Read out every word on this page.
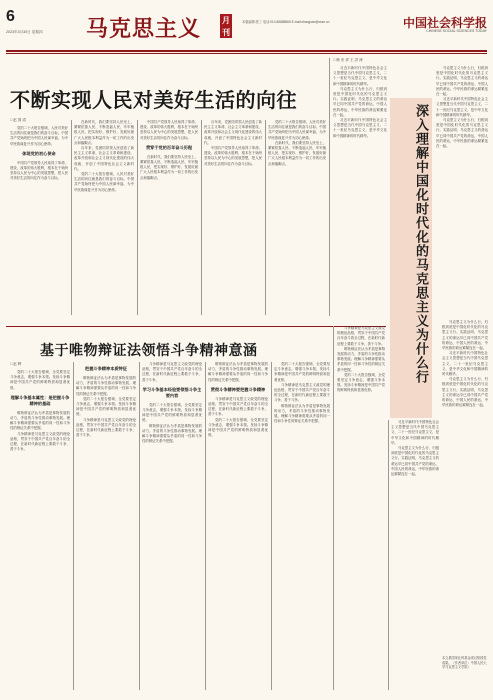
6
2023年3月30日 星期四	马克思主义	月刊
本版编辑:张三 电话:010-85885865 E-mail:zhangsan@cssn.cn	中国社会科学报
CHINESE SOCIAL SCIENCES TODAY
不断实现人民对美好生活的向往
□ 赵 国 清

党的二十大报告强调，人民对美好生活的向往就是我们的奋斗目标。中国共产党始终把为中国人民谋幸福、为中华民族谋复兴作为初心使命。

体现党的初心使命

中国共产党领导人民取得了革命、建设、改革的伟大胜利，根本在于始终坚持以人民为中心的发展思想，把人民对美好生活的向往作为奋斗目标。

在新时代，我们要坚持人民至上，紧紧依靠人民、不断造福人民、牢牢植根人民，把实现好、维护好、发展好最广大人民根本利益作为一切工作的出发点和落脚点。

百年来，党团结带领人民创造了新民主主义革命、社会主义革命和建设、改革开放和社会主义现代化建设的伟大成就，开创了中国特色社会主义新时代。

党的二十大报告强调，人民对美好生活的向往就是我们的奋斗目标。中国共产党始终把为中国人民谋幸福、为中华民族谋复兴作为初心使命。

中国共产党领导人民取得了革命、建设、改革的伟大胜利，根本在于始终坚持以人民为中心的发展思想，把人民对美好生活的向往作为奋斗目标。

贯穿于党的百年奋斗历程

在新时代，我们要坚持人民至上，紧紧依靠人民、不断造福人民、牢牢植根人民，把实现好、维护好、发展好最广大人民根本利益作为一切工作的出发点和落脚点。

百年来，党团结带领人民创造了新民主主义革命、社会主义革命和建设、改革开放和社会主义现代化建设的伟大成就，开创了中国特色社会主义新时代。

中国共产党领导人民取得了革命、建设、改革的伟大胜利，根本在于始终坚持以人民为中心的发展思想，把人民对美好生活的向往作为奋斗目标。

党的二十大报告强调，人民对美好生活的向往就是我们的奋斗目标。中国共产党始终把为中国人民谋幸福、为中华民族谋复兴作为初心使命。

在新时代，我们要坚持人民至上，紧紧依靠人民、不断造福人民、牢牢植根人民，把实现好、维护好、发展好最广大人民根本利益作为一切工作的出发点和落脚点。

□ 韩 庆 祥 王 洪 涛

习近平新时代中国特色社会主义思想是当代中国马克思主义、二十一世纪马克思主义，是中华文化和中国精神的时代精华。

马克思主义为什么行，归根到底是中国化时代化的马克思主义行。实践证明，马克思主义的命运早已同中国共产党的命运、中国人民的命运、中华民族的命运紧紧连在一起。

习近平新时代中国特色社会主义思想是当代中国马克思主义、二十一世纪马克思主义，是中华文化和中国精神的时代精华。	深入理解中国化时代化的马克思主义为什么行

马克思主义为什么行，归根到底是中国化时代化的马克思主义行。实践证明，马克思主义的命运早已同中国共产党的命运、中国人民的命运、中华民族的命运紧紧连在一起。

习近平新时代中国特色社会主义思想是当代中国马克思主义、二十一世纪马克思主义，是中华文化和中国精神的时代精华。

马克思主义为什么行，归根到底是中国化时代化的马克思主义行。实践证明，马克思主义的命运早已同中国共产党的命运、中国人民的命运、中华民族的命运紧紧连在一起。

基于唯物辩证法领悟斗争精神意涵
□ 赵 辉

党的二十大报告强调，全党要坚定斗争意志，增强斗争本领。发扬斗争精神是中国共产党的鲜明特质和显著优势。

理解斗争基本属性：是把握斗争精神的基础

唯物辩证法认为矛盾是事物发展的动力，矛盾的斗争性推动事物发展。理解斗争精神需要从矛盾的同一性和斗争性的辩证关系中把握。

斗争精神是马克思主义政党的理论品格，贯穿于中国共产党百年奋斗的全过程，在新时代新征程上要敢于斗争、善于斗争。

把握斗争精神本质特征

唯物辩证法认为矛盾是事物发展的动力，矛盾的斗争性推动事物发展。理解斗争精神需要从矛盾的同一性和斗争性的辩证关系中把握。

党的二十大报告强调，全党要坚定斗争意志，增强斗争本领。发扬斗争精神是中国共产党的鲜明特质和显著优势。

斗争精神是马克思主义政党的理论品格，贯穿于中国共产党百年奋斗的全过程，在新时代新征程上要敢于斗争、善于斗争。

斗争精神是马克思主义政党的理论品格，贯穿于中国共产党百年奋斗的全过程，在新时代新征程上要敢于斗争、善于斗争。

学习斗争基本经验要领悟斗争主要内容

党的二十大报告强调，全党要坚定斗争意志，增强斗争本领。发扬斗争精神是中国共产党的鲜明特质和显著优势。

唯物辩证法认为矛盾是事物发展的动力，矛盾的斗争性推动事物发展。理解斗争精神需要从矛盾的同一性和斗争性的辩证关系中把握。

唯物辩证法认为矛盾是事物发展的动力，矛盾的斗争性推动事物发展。理解斗争精神需要从矛盾的同一性和斗争性的辩证关系中把握。

贯彻斗争精神要把握斗争精神

斗争精神是马克思主义政党的理论品格，贯穿于中国共产党百年奋斗的全过程，在新时代新征程上要敢于斗争、善于斗争。

党的二十大报告强调，全党要坚定斗争意志，增强斗争本领。发扬斗争精神是中国共产党的鲜明特质和显著优势。

党的二十大报告强调，全党要坚定斗争意志，增强斗争本领。发扬斗争精神是中国共产党的鲜明特质和显著优势。

斗争精神是马克思主义政党的理论品格，贯穿于中国共产党百年奋斗的全过程，在新时代新征程上要敢于斗争、善于斗争。

唯物辩证法认为矛盾是事物发展的动力，矛盾的斗争性推动事物发展。理解斗争精神需要从矛盾的同一性和斗争性的辩证关系中把握。

斗争精神是马克思主义政党的理论品格，贯穿于中国共产党百年奋斗的全过程，在新时代新征程上要敢于斗争、善于斗争。

唯物辩证法认为矛盾是事物发展的动力，矛盾的斗争性推动事物发展。理解斗争精神需要从矛盾的同一性和斗争性的辩证关系中把握。

党的二十大报告强调，全党要坚定斗争意志，增强斗争本领。发扬斗争精神是中国共产党的鲜明特质和显著优势。

习近平新时代中国特色社会主义思想是当代中国马克思主义、二十一世纪马克思主义，是中华文化和中国精神的时代精华。

马克思主义为什么行，归根到底是中国化时代化的马克思主义行。实践证明，马克思主义的命运早已同中国共产党的命运、中国人民的命运、中华民族的命运紧紧连在一起。

马克思主义为什么行，归根到底是中国化时代化的马克思主义行。实践证明，马克思主义的命运早已同中国共产党的命运、中国人民的命运、中华民族的命运紧紧连在一起。

习近平新时代中国特色社会主义思想是当代中国马克思主义、二十一世纪马克思主义，是中华文化和中国精神的时代精华。

马克思主义为什么行，归根到底是中国化时代化的马克思主义行。实践证明，马克思主义的命运早已同中国共产党的命运、中国人民的命运、中华民族的命运紧紧连在一起。

本文系国家社科基金项目阶段性成果。（作者单位：中国人民大学马克思主义学院）
